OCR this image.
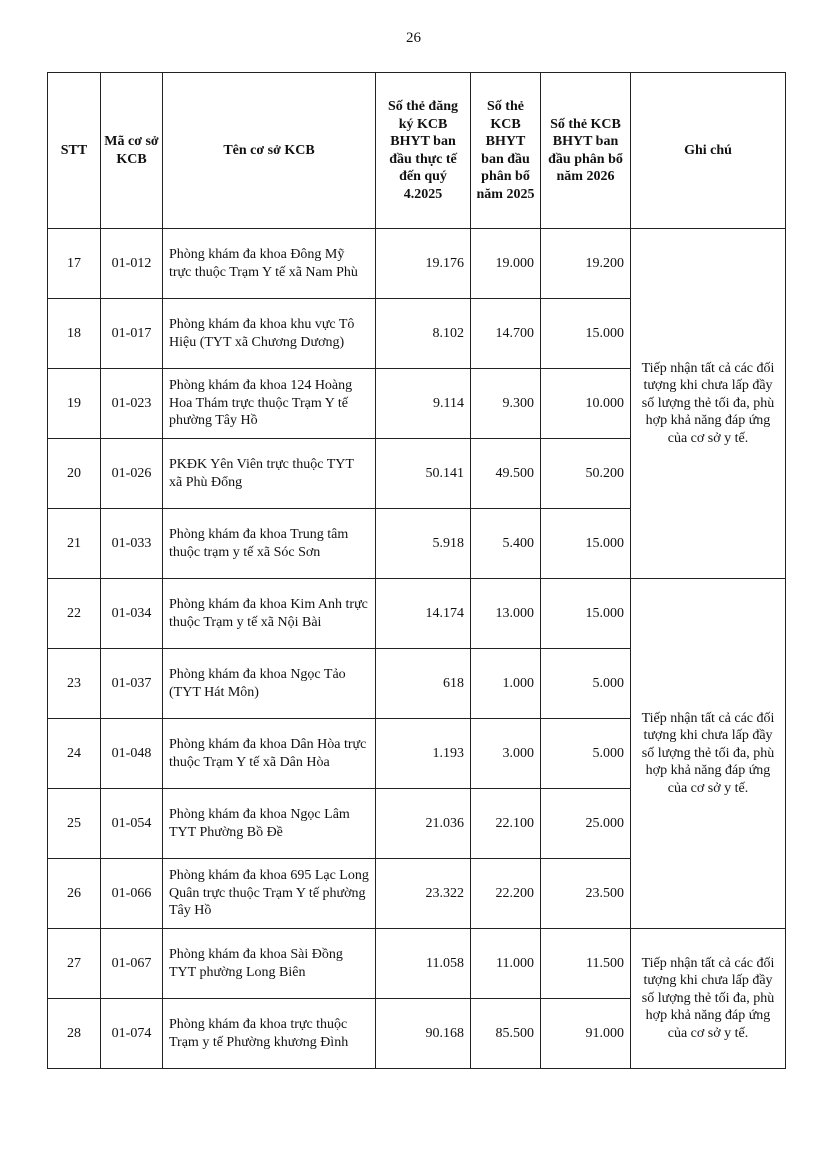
26
STT	Mã cơ sở KCB	Tên cơ sở KCB	Số thẻ đăng ký KCB BHYT ban đầu thực tế đến quý 4.2025	Số thẻ KCB BHYT ban đầu phân bổ năm 2025	Số thẻ KCB BHYT ban đầu phân bổ năm 2026	Ghi chú
17	01-012	Phòng khám đa khoa Đông Mỹ trực thuộc Trạm Y tế xã Nam Phù	19.176	19.000	19.200	Tiếp nhận tất cả các đối tượng khi chưa lấp đầy số lượng thẻ tối đa, phù hợp khả năng đáp ứng của cơ sở y tế.
18	01-017	Phòng khám đa khoa khu vực Tô Hiệu (TYT xã Chương Dương)	8.102	14.700	15.000	
19	01-023	Phòng khám đa khoa 124 Hoàng Hoa Thám trực thuộc Trạm Y tế phường Tây Hồ	9.114	9.300	10.000	
20	01-026	PKĐK Yên Viên trực thuộc TYT xã Phù Đổng	50.141	49.500	50.200	
21	01-033	Phòng khám đa khoa Trung tâm thuộc trạm y tế xã Sóc Sơn	5.918	5.400	15.000	
22	01-034	Phòng khám đa khoa Kim Anh trực thuộc Trạm y tế xã Nội Bài	14.174	13.000	15.000	Tiếp nhận tất cả các đối tượng khi chưa lấp đầy số lượng thẻ tối đa, phù hợp khả năng đáp ứng của cơ sở y tế.
23	01-037	Phòng khám đa khoa Ngọc Tảo (TYT Hát Môn)	618	1.000	5.000	
24	01-048	Phòng khám đa khoa Dân Hòa trực thuộc Trạm Y tế xã Dân Hòa	1.193	3.000	5.000	
25	01-054	Phòng khám đa khoa Ngọc Lâm TYT Phường Bồ Đề	21.036	22.100	25.000	
26	01-066	Phòng khám đa khoa 695 Lạc Long Quân trực thuộc Trạm Y tế phường Tây Hồ	23.322	22.200	23.500	
27	01-067	Phòng khám đa khoa Sài Đồng TYT phường Long Biên	11.058	11.000	11.500	Tiếp nhận tất cả các đối tượng khi chưa lấp đầy số lượng thẻ tối đa, phù hợp khả năng đáp ứng của cơ sở y tế.
28	01-074	Phòng khám đa khoa trực thuộc Trạm y tế Phường khương Đình	90.168	85.500	91.000	
